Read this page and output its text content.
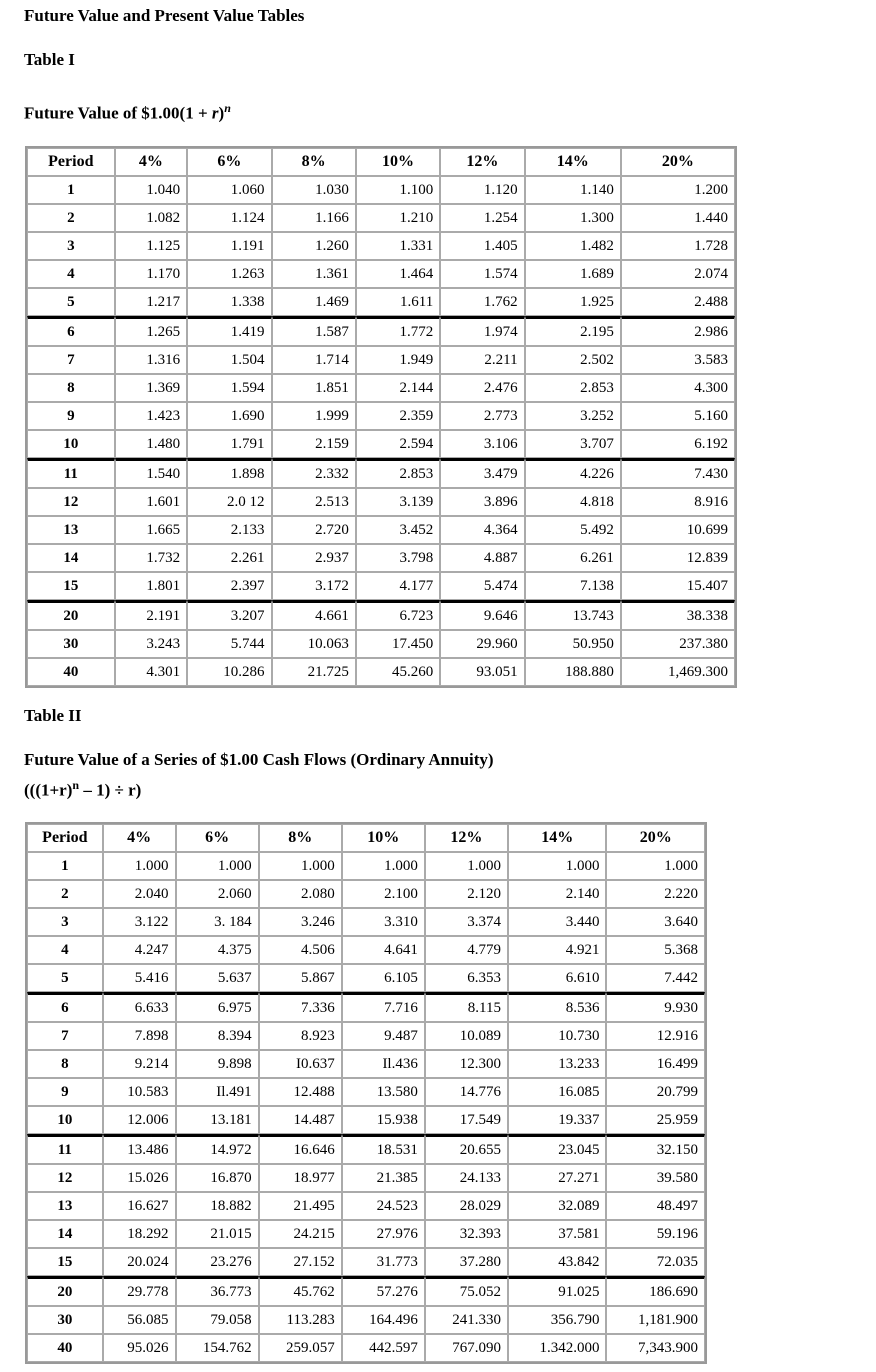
Future Value and Present Value Tables

Table I

Future Value of $1.00(1 + r)$^n$

Period	4%	6%	8%	10%	12%	14%	20%
1	1.040	1.060	1.030	1.100	1.120	1.140	1.200
2	1.082	1.124	1.166	1.210	1.254	1.300	1.440
3	1.125	1.191	1.260	1.331	1.405	1.482	1.728
4	1.170	1.263	1.361	1.464	1.574	1.689	2.074
5	1.217	1.338	1.469	1.611	1.762	1.925	2.488
6	1.265	1.419	1.587	1.772	1.974	2.195	2.986
7	1.316	1.504	1.714	1.949	2.211	2.502	3.583
8	1.369	1.594	1.851	2.144	2.476	2.853	4.300
9	1.423	1.690	1.999	2.359	2.773	3.252	5.160
10	1.480	1.791	2.159	2.594	3.106	3.707	6.192
11	1.540	1.898	2.332	2.853	3.479	4.226	7.430
12	1.601	2.0 12	2.513	3.139	3.896	4.818	8.916
13	1.665	2.133	2.720	3.452	4.364	5.492	10.699
14	1.732	2.261	2.937	3.798	4.887	6.261	12.839
15	1.801	2.397	3.172	4.177	5.474	7.138	15.407
20	2.191	3.207	4.661	6.723	9.646	13.743	38.338
30	3.243	5.744	10.063	17.450	29.960	50.950	237.380
40	4.301	10.286	21.725	45.260	93.051	188.880	1,469.300

Table II

Future Value of a Series of $1.00 Cash Flows (Ordinary Annuity)

$(((1+r)^n - 1) \div r)$

Period	4%	6%	8%	10%	12%	14%	20%
1	1.000	1.000	1.000	1.000	1.000	1.000	1.000
2	2.040	2.060	2.080	2.100	2.120	2.140	2.220
3	3.122	3. 184	3.246	3.310	3.374	3.440	3.640
4	4.247	4.375	4.506	4.641	4.779	4.921	5.368
5	5.416	5.637	5.867	6.105	6.353	6.610	7.442
6	6.633	6.975	7.336	7.716	8.115	8.536	9.930
7	7.898	8.394	8.923	9.487	10.089	10.730	12.916
8	9.214	9.898	I0.637	Il.436	12.300	13.233	16.499
9	10.583	Il.491	12.488	13.580	14.776	16.085	20.799
10	12.006	13.181	14.487	15.938	17.549	19.337	25.959
11	13.486	14.972	16.646	18.531	20.655	23.045	32.150
12	15.026	16.870	18.977	21.385	24.133	27.271	39.580
13	16.627	18.882	21.495	24.523	28.029	32.089	48.497
14	18.292	21.015	24.215	27.976	32.393	37.581	59.196
15	20.024	23.276	27.152	31.773	37.280	43.842	72.035
20	29.778	36.773	45.762	57.276	75.052	91.025	186.690
30	56.085	79.058	113.283	164.496	241.330	356.790	1,181.900
40	95.026	154.762	259.057	442.597	767.090	1.342.000	7,343.900
